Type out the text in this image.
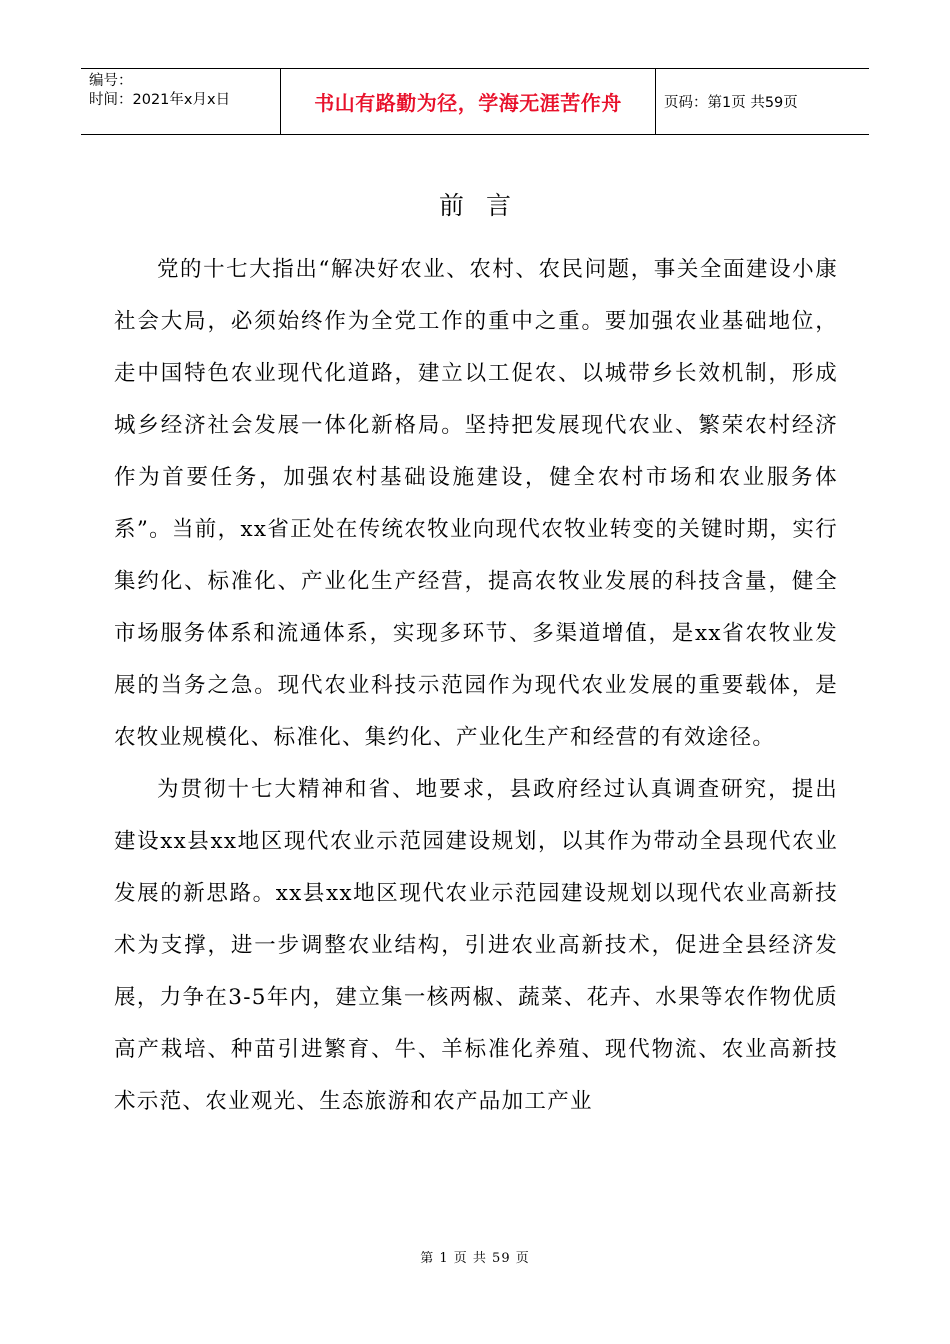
编号：
时间：2021年x月x日	书山有路勤为径，学海无涯苦作舟	页码：第1页 共59页
前言

党的十七大指出“解决好农业、农村、农民问题，事关全面建设小康社会大局，必须始终作为全党工作的重中之重。要加强农业基础地位，走中国特色农业现代化道路，建立以工促农、以城带乡长效机制，形成城乡经济社会发展一体化新格局。坚持把发展现代农业、繁荣农村经济作为首要任务，加强农村基础设施建设，健全农村市场和农业服务体系”。当前，xx省正处在传统农牧业向现代农牧业转变的关键时期，实行集约化、标准化、产业化生产经营，提高农牧业发展的科技含量，健全市场服务体系和流通体系，实现多环节、多渠道增值，是xx省农牧业发展的当务之急。现代农业科技示范园作为现代农业发展的重要载体，是农牧业规模化、标准化、集约化、产业化生产和经营的有效途径。

为贯彻十七大精神和省、地要求，县政府经过认真调查研究，提出建设xx县xx地区现代农业示范园建设规划，以其作为带动全县现代农业发展的新思路。xx县xx地区现代农业示范园建设规划以现代农业高新技术为支撑，进一步调整农业结构，引进农业高新技术，促进全县经济发展，力争在3-5年内，建立集一核两椒、蔬菜、花卉、水果等农作物优质高产栽培、种苗引进繁育、牛、羊标准化养殖、现代物流、农业高新技术示范、农业观光、生态旅游和农产品加工产业

第 1 页 共 59 页
